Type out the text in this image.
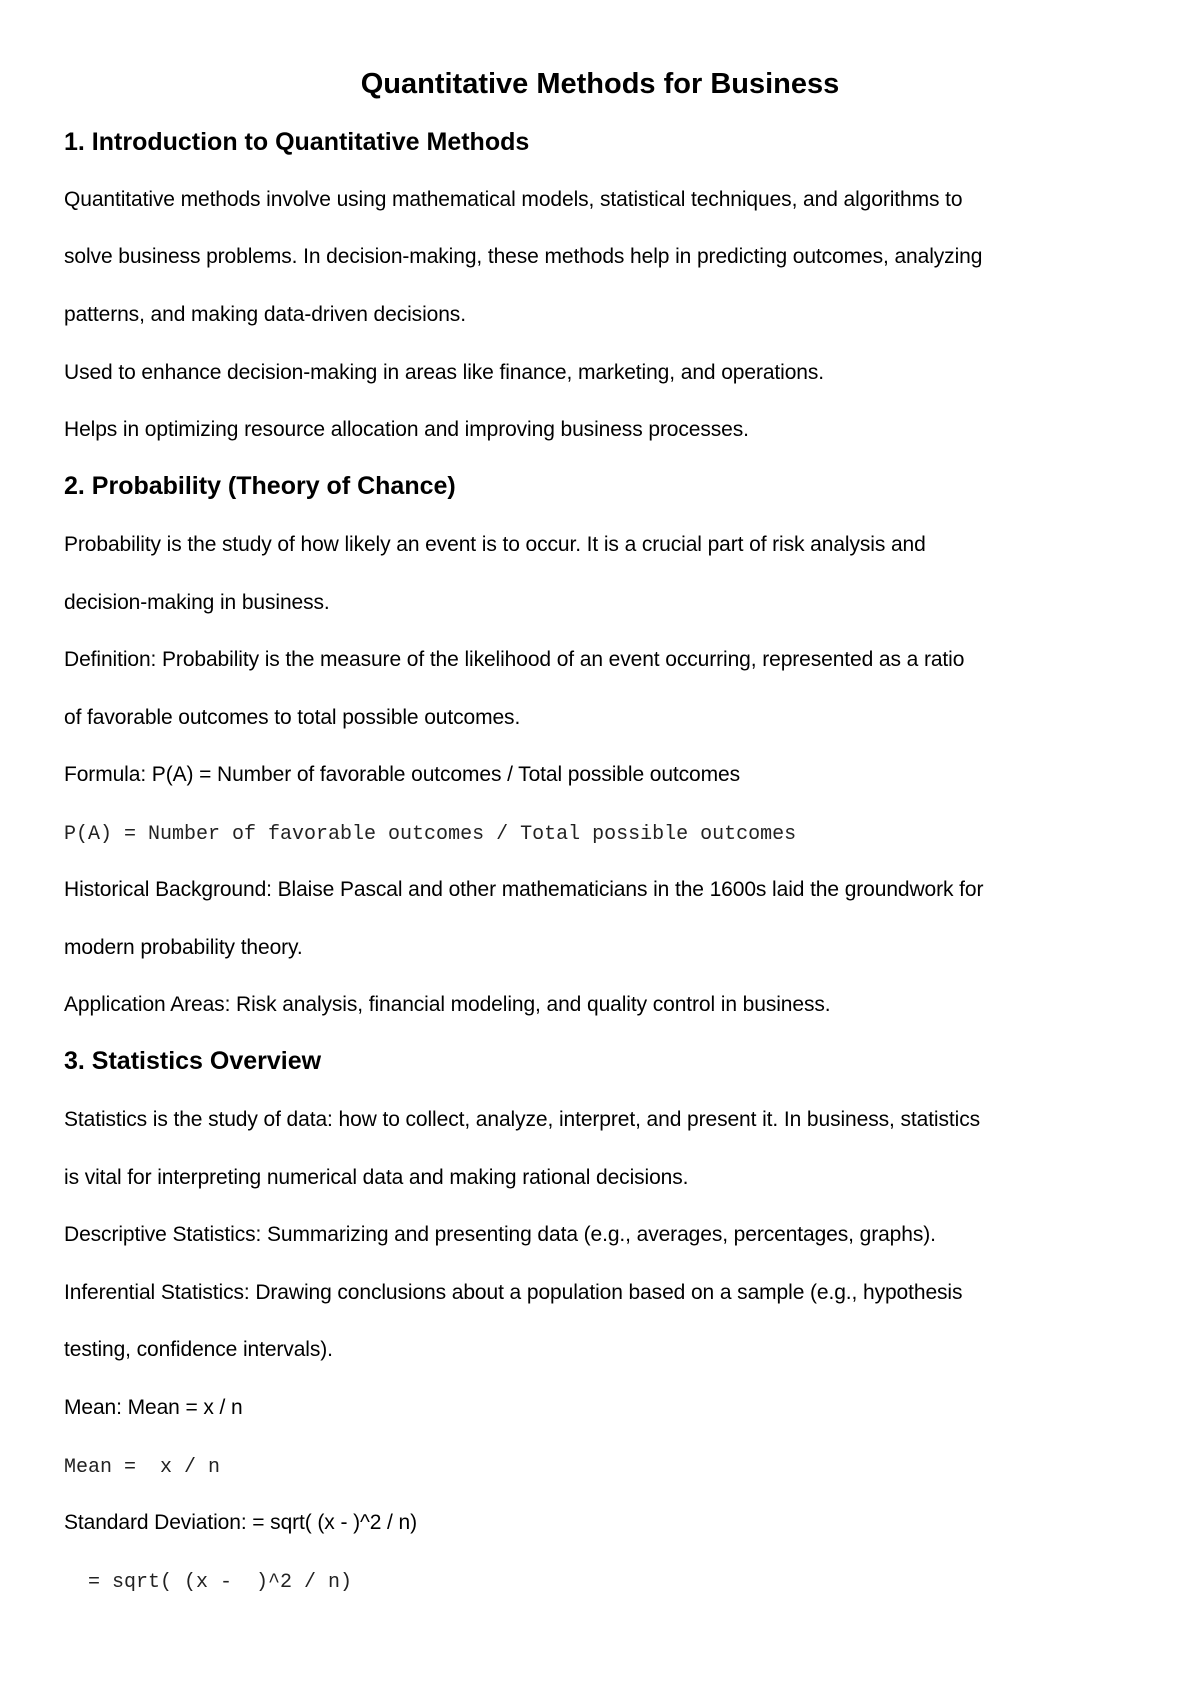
Quantitative Methods for Business
1. Introduction to Quantitative Methods

Quantitative methods involve using mathematical models, statistical techniques, and algorithms to

solve business problems. In decision-making, these methods help in predicting outcomes, analyzing

patterns, and making data-driven decisions.

Used to enhance decision-making in areas like finance, marketing, and operations.

Helps in optimizing resource allocation and improving business processes.

2. Probability (Theory of Chance)

Probability is the study of how likely an event is to occur. It is a crucial part of risk analysis and

decision-making in business.

Definition: Probability is the measure of the likelihood of an event occurring, represented as a ratio

of favorable outcomes to total possible outcomes.

Formula: P(A) = Number of favorable outcomes / Total possible outcomes

P(A) = Number of favorable outcomes / Total possible outcomes

Historical Background: Blaise Pascal and other mathematicians in the 1600s laid the groundwork for

modern probability theory.

Application Areas: Risk analysis, financial modeling, and quality control in business.

3. Statistics Overview

Statistics is the study of data: how to collect, analyze, interpret, and present it. In business, statistics

is vital for interpreting numerical data and making rational decisions.

Descriptive Statistics: Summarizing and presenting data (e.g., averages, percentages, graphs).

Inferential Statistics: Drawing conclusions about a population based on a sample (e.g., hypothesis

testing, confidence intervals).

Mean: Mean = x / n

Mean =  x / n

Standard Deviation: = sqrt( (x - )^2 / n)

= sqrt( (x -  )^2 / n)
